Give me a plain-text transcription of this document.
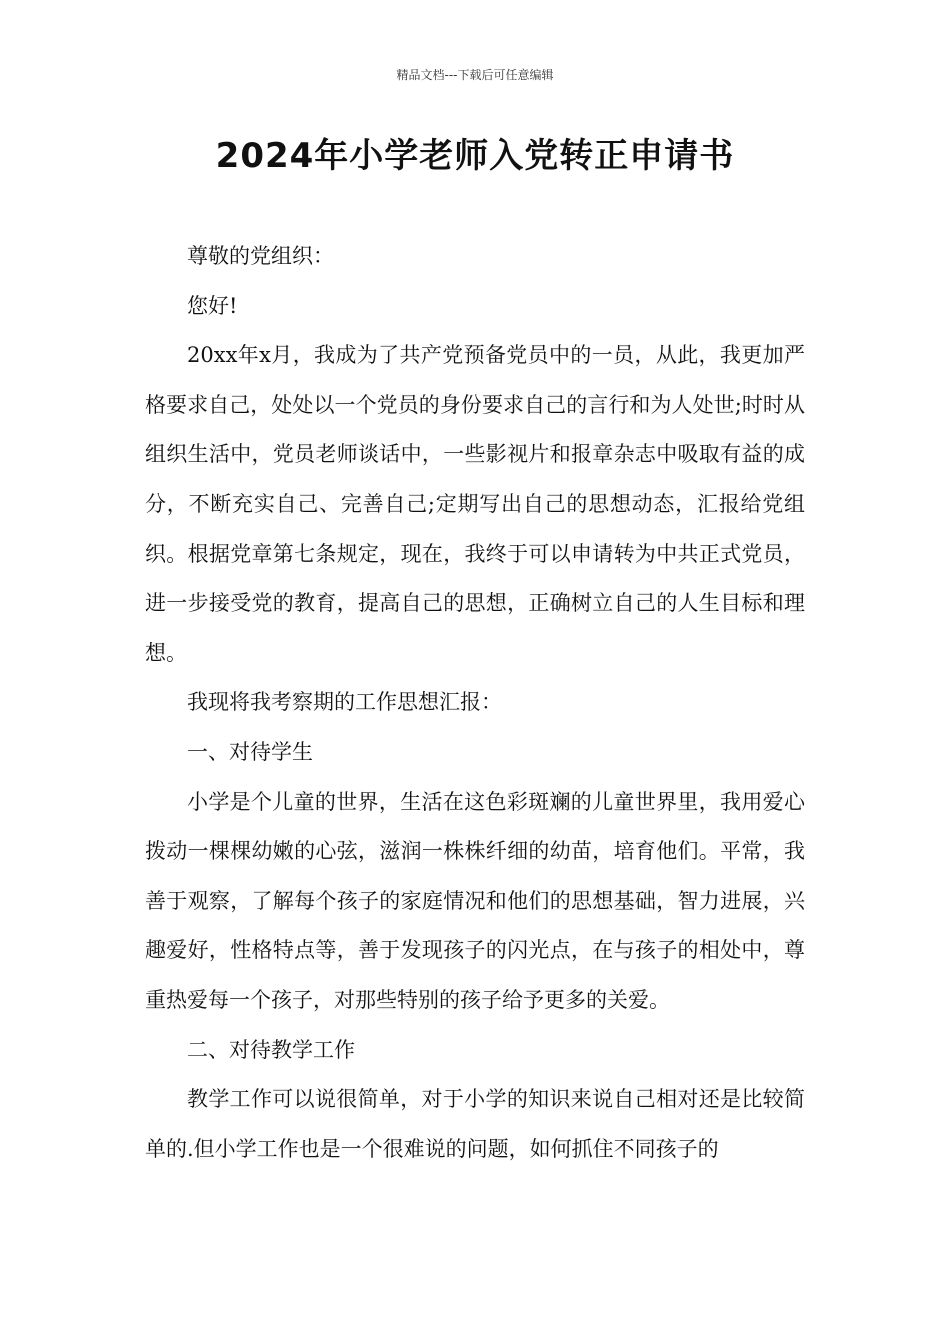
精品文档---下载后可任意编辑
2024年小学老师入党转正申请书

尊敬的党组织：

您好!

20xx年x月，我成为了共产党预备党员中的一员，从此，我更加严格要求自己，处处以一个党员的身份要求自己的言行和为人处世;时时从组织生活中，党员老师谈话中，一些影视片和报章杂志中吸取有益的成分，不断充实自己、完善自己;定期写出自己的思想动态，汇报给党组织。根据党章第七条规定，现在，我终于可以申请转为中共正式党员，进一步接受党的教育，提高自己的思想，正确树立自己的人生目标和理想。

我现将我考察期的工作思想汇报：

一、对待学生

小学是个儿童的世界，生活在这色彩斑斓的儿童世界里，我用爱心拨动一棵棵幼嫩的心弦，滋润一株株纤细的幼苗，培育他们。平常，我善于观察，了解每个孩子的家庭情况和他们的思想基础，智力进展，兴趣爱好，性格特点等，善于发现孩子的闪光点，在与孩子的相处中，尊重热爱每一个孩子，对那些特别的孩子给予更多的关爱。

二、对待教学工作

教学工作可以说很简单，对于小学的知识来说自己相对还是比较简单的.但小学工作也是一个很难说的问题，如何抓住不同孩子的
